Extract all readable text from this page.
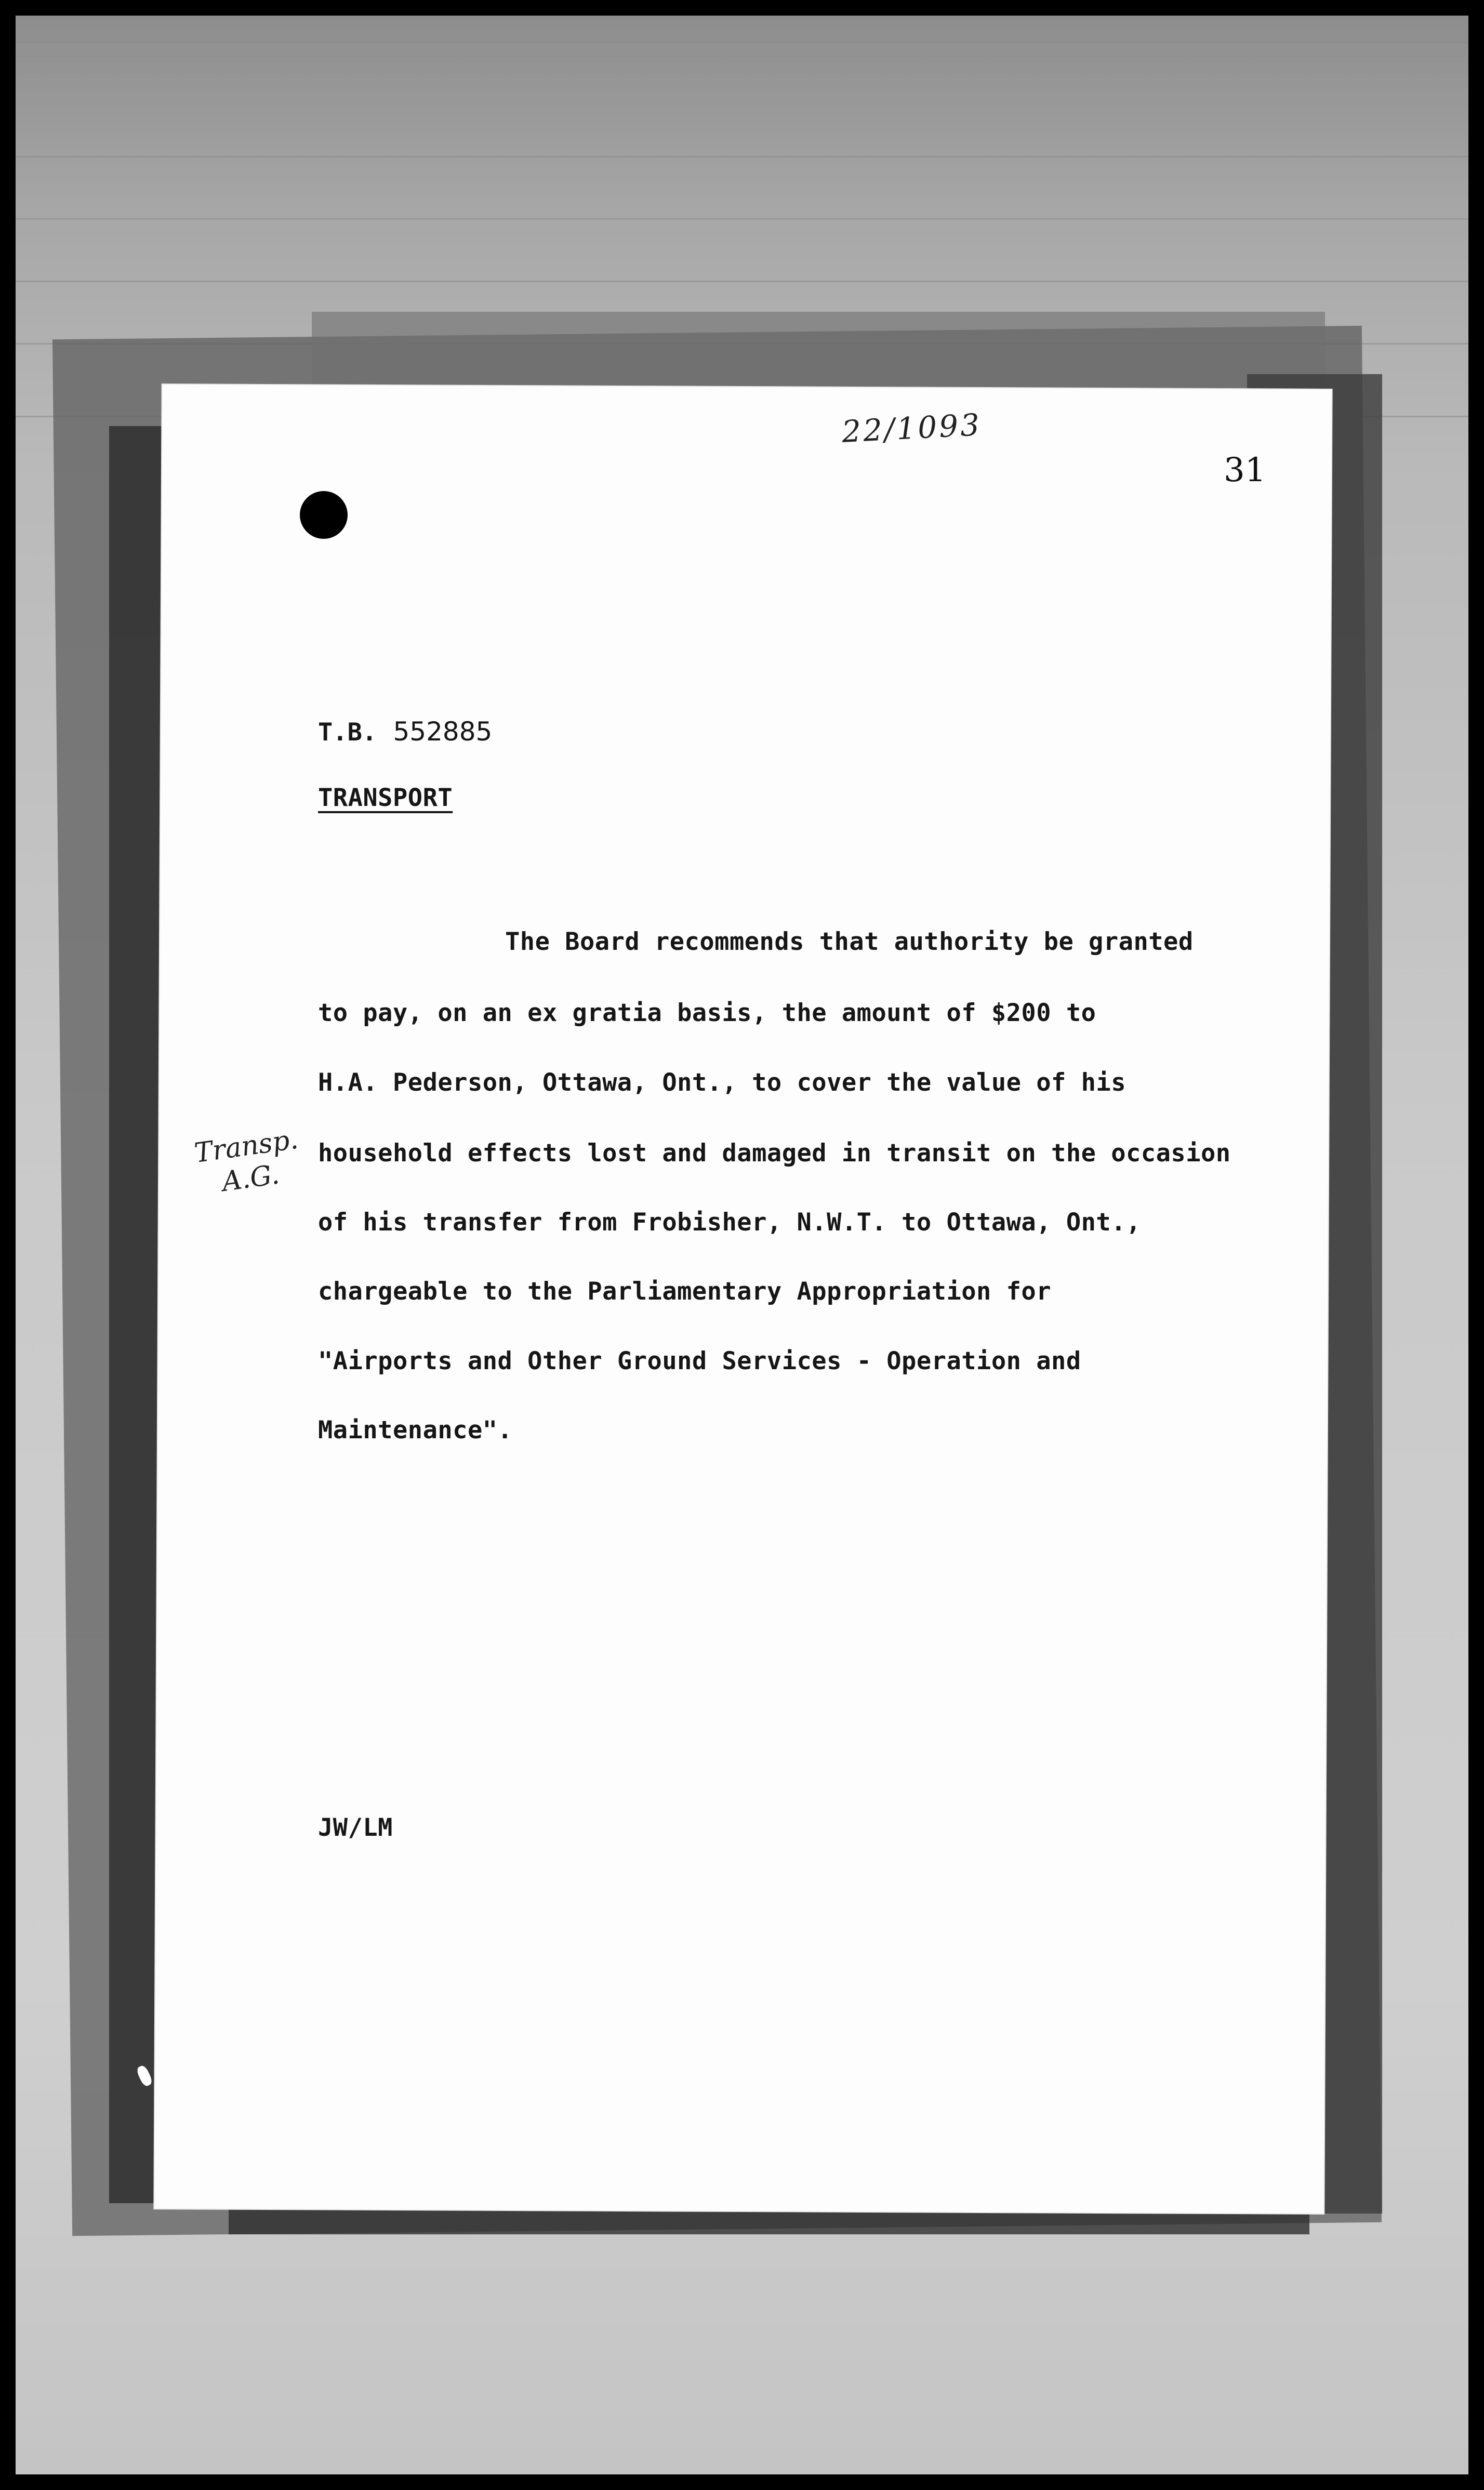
22/1093
31
T.B. 552885
TRANSPORT
The Board recommends that authority be granted
to pay, on an ex gratia basis, the amount of $200 to
H.A. Pederson, Ottawa, Ont., to cover the value of his
household effects lost and damaged in transit on the occasion
of his transfer from Frobisher, N.W.T. to Ottawa, Ont.,
chargeable to the Parliamentary Appropriation for
"Airports and Other Ground Services - Operation and
Maintenance".
Transp.
A.G.
JW/LM
